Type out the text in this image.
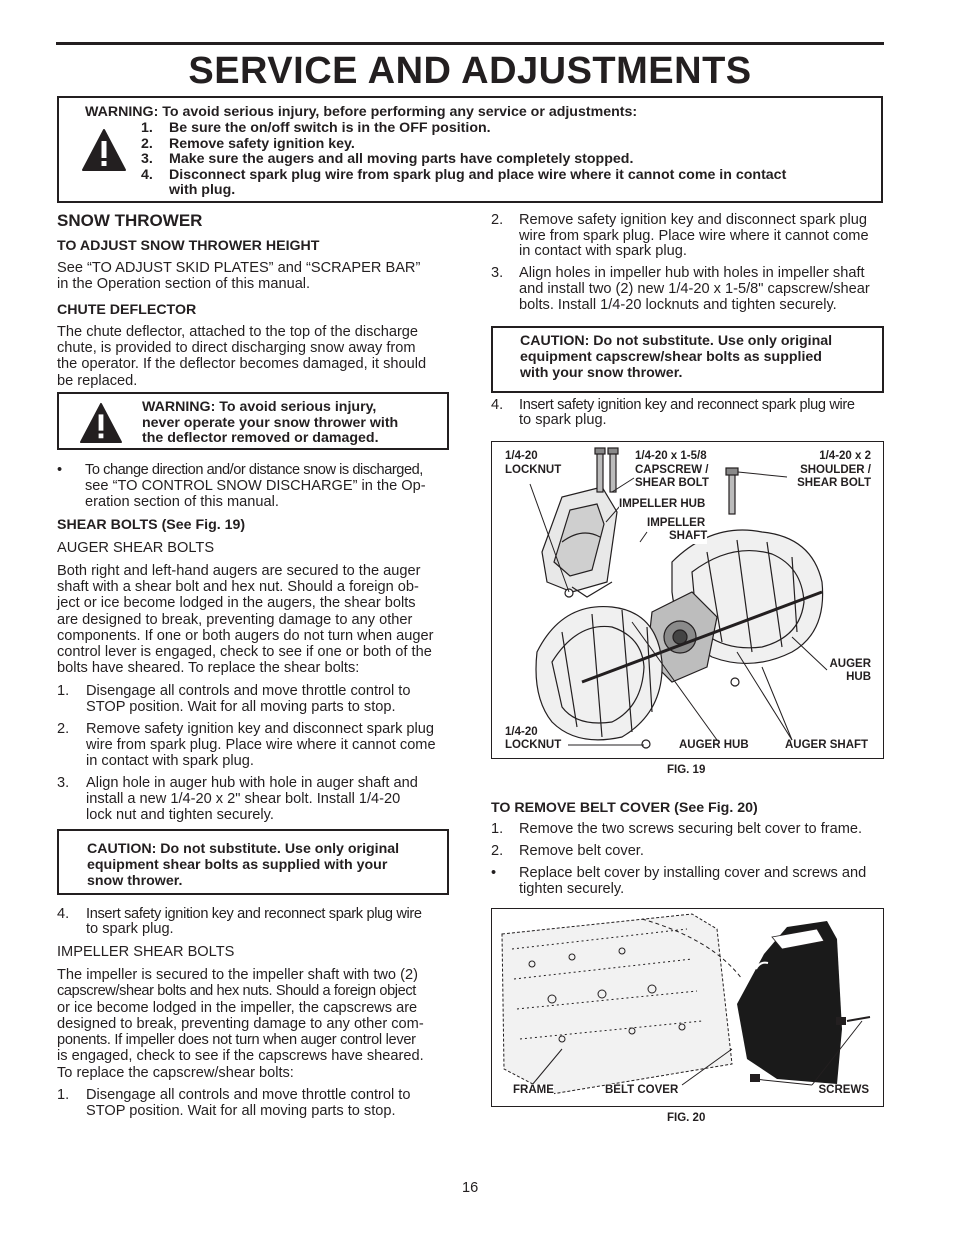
SERVICE AND ADJUSTMENTS
WARNING: To avoid serious injury, before performing any service or adjustments:
1. Be sure the on/off switch is in the OFF position.
2. Remove safety ignition key.
3. Make sure the augers and all moving parts have completely stopped.
4. Disconnect spark plug wire from spark plug and place wire where it cannot come in contact
with plug.
SNOW THROWER
TO ADJUST SNOW THROWER HEIGHT
See “TO ADJUST SKID PLATES” and “SCRAPER BAR”
in the Operation section of this manual.
CHUTE DEFLECTOR
The chute deflector, attached to the top of the discharge
chute, is provided to direct discharging snow away from
the operator. If the deflector becomes damaged, it should
be replaced.
WARNING: To avoid serious injury,
never operate your snow thrower with
the deflector removed or damaged.
• To change direction and/or distance snow is discharged,
see “TO CONTROL SNOW DISCHARGE” in the Op-
eration section of this manual.
SHEAR BOLTS (See Fig. 19)
AUGER SHEAR BOLTS
Both right and left-hand augers are secured to the auger
shaft with a shear bolt and hex nut. Should a foreign ob-
ject or ice become lodged in the augers, the shear bolts
are designed to break, preventing damage to any other
components. If one or both augers do not turn when auger
control lever is engaged, check to see if one or both of the
bolts have sheared. To replace the shear bolts:
1. Disengage all controls and move throttle control to
STOP position. Wait for all moving parts to stop.
2. Remove safety ignition key and disconnect spark plug
wire from spark plug. Place wire where it cannot come
in contact with spark plug.
3. Align hole in auger hub with hole in auger shaft and
install a new 1/4-20 x 2" shear bolt. Install 1/4-20
lock nut and tighten securely.
CAUTION: Do not substitute. Use only original
equipment shear bolts as supplied with your
snow thrower.
4. Insert safety ignition key and reconnect spark plug wire
to spark plug.
IMPELLER SHEAR BOLTS
The impeller is secured to the impeller shaft with two (2)
capscrew/shear bolts and hex nuts. Should a foreign object
or ice become lodged in the impeller, the capscrews are
designed to break, preventing damage to any other com-
ponents. If impeller does not turn when auger control lever
is engaged, check to see if the capscrews have sheared.
To replace the capscrew/shear bolts:
1. Disengage all controls and move throttle control to
STOP position. Wait for all moving parts to stop.
2. Remove safety ignition key and disconnect spark plug
wire from spark plug. Place wire where it cannot come
in contact with spark plug.
3. Align holes in impeller hub with holes in impeller shaft
and install two (2) new 1/4-20 x 1-5/8" capscrew/shear
bolts. Install 1/4-20 locknuts and tighten securely.
CAUTION: Do not substitute. Use only original
equipment capscrew/shear bolts as supplied
with your snow thrower.
4. Insert safety ignition key and reconnect spark plug wire
to spark plug.
1/4-20
LOCKNUT
1/4-20 x 1-5/8
CAPSCREW /
SHEAR BOLT
1/4-20 x 2
SHOULDER /
SHEAR BOLT
IMPELLER HUB
IMPELLER
SHAFT
AUGER
HUB
1/4-20
LOCKNUT	AUGER HUB	AUGER SHAFT
FIG. 19
TO REMOVE BELT COVER (See Fig. 20)
1. Remove the two screws securing belt cover to frame.
2. Remove belt cover.
• Replace belt cover by installing cover and screws and
tighten securely.
FRAME	BELT COVER	SCREWS
FIG. 20
16
